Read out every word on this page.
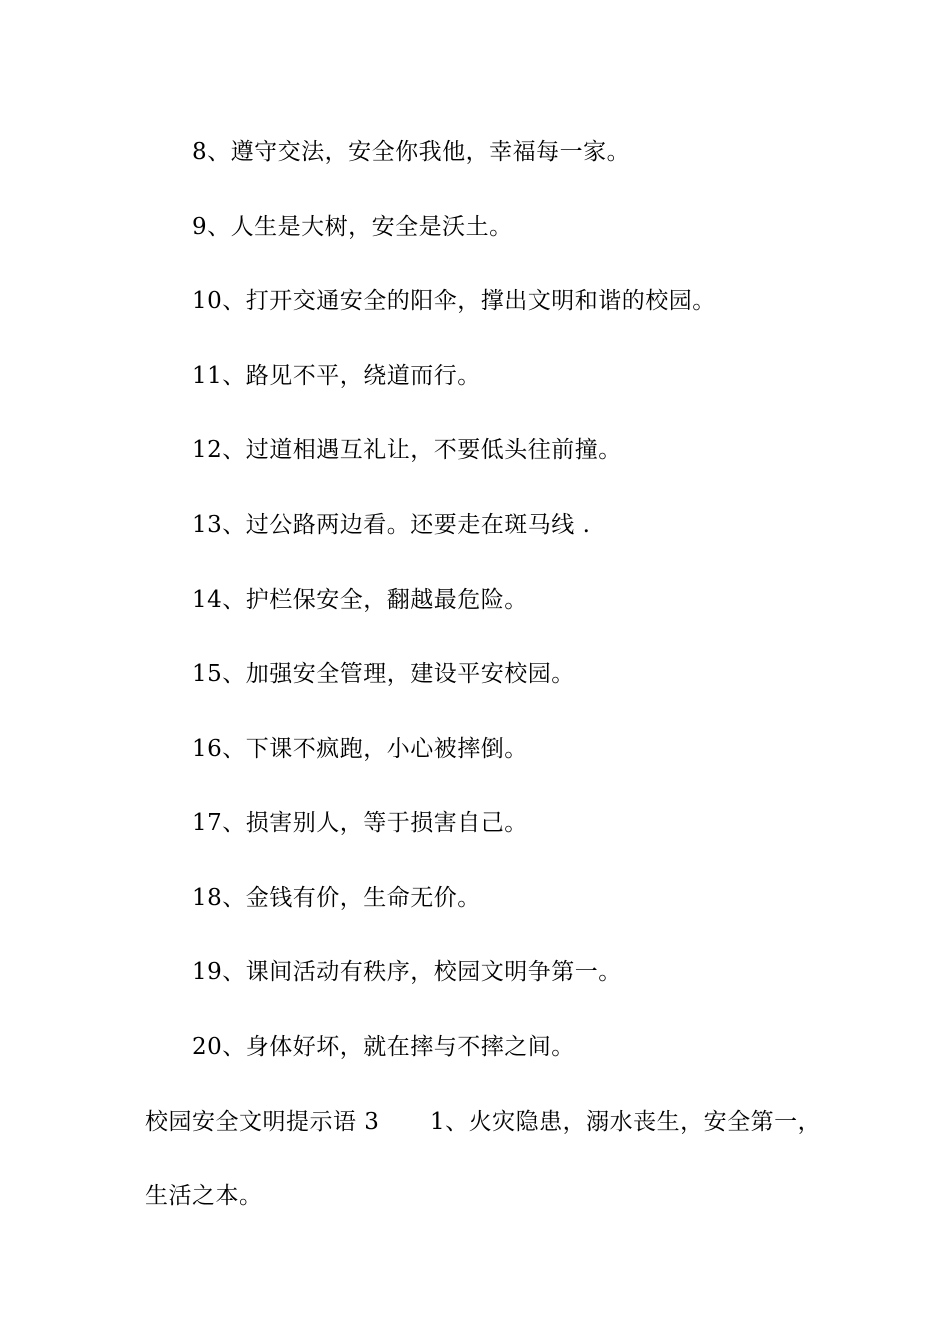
8、遵守交法，安全你我他，幸福每一家。
9、人生是大树，安全是沃土。
10、打开交通安全的阳伞，撑出文明和谐的校园。
11、路见不平，绕道而行。
12、过道相遇互礼让，不要低头往前撞。
13、过公路两边看。还要走在斑马线 .
14、护栏保安全，翻越最危险。
15、加强安全管理，建设平安校园。
16、下课不疯跑，小心被摔倒。
17、损害别人，等于损害自己。
18、金钱有价，生命无价。
19、课间活动有秩序，校园文明争第一。
20、身体好坏，就在摔与不摔之间。
校园安全文明提示语 3 1、火灾隐患，溺水丧生，安全第一，
生活之本。
